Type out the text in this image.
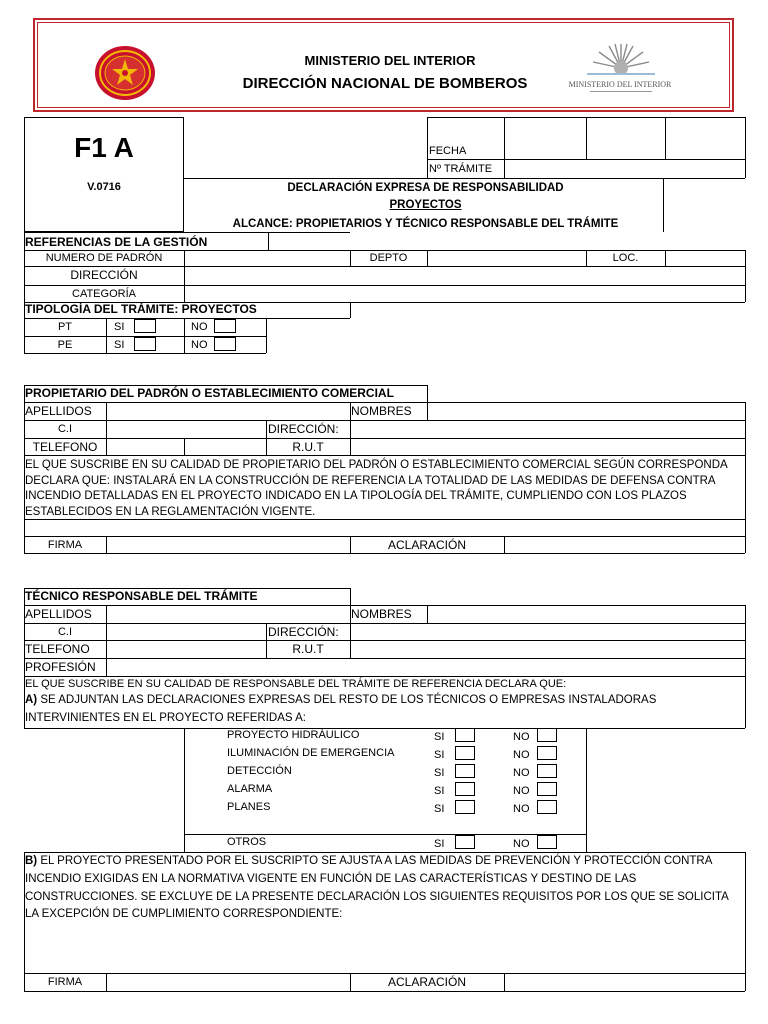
MINISTERIO DEL INTERIOR
DIRECCIÓN NACIONAL DE BOMBEROS	MINISTERIO DEL INTERIOR
F1 A
V.0716
FECHA
Nº TRÁMITE
DECLARACIÓN EXPRESA DE RESPONSABILIDAD
PROYECTOS
ALCANCE: PROPIETARIOS Y TÉCNICO RESPONSABLE DEL TRÁMITE
REFERENCIAS DE LA GESTIÓN
NUMERO DE PADRÓN	DEPTO	LOC.
DIRECCIÓN
CATEGORÍA
TIPOLOGÍA DEL TRÁMITE: PROYECTOS
PT	SI	NO
PE	SI	NO
PROPIETARIO DEL PADRÓN O ESTABLECIMIENTO COMERCIAL
APELLIDOS	NOMBRES
C.I	DIRECCIÓN:
TELEFONO	R.U.T
EL QUE SUSCRIBE EN SU CALIDAD DE PROPIETARIO DEL PADRÓN O ESTABLECIMIENTO COMERCIAL SEGÚN CORRESPONDA
DECLARA QUE: INSTALARÁ EN LA CONSTRUCCIÓN DE REFERENCIA LA TOTALIDAD DE LAS MEDIDAS DE DEFENSA CONTRA
INCENDIO DETALLADAS EN EL PROYECTO INDICADO EN LA TIPOLOGÍA DEL TRÁMITE, CUMPLIENDO CON LOS PLAZOS
ESTABLECIDOS EN LA REGLAMENTACIÓN VIGENTE.
FIRMA	ACLARACIÓN
TÉCNICO RESPONSABLE DEL TRÁMITE
APELLIDOS	NOMBRES
C.I	DIRECCIÓN:
TELEFONO	R.U.T
PROFESIÓN
EL QUE SUSCRIBE EN SU CALIDAD DE RESPONSABLE DEL TRÁMITE DE REFERENCIA DECLARA QUE:
A) SE ADJUNTAN LAS DECLARACIONES EXPRESAS DEL RESTO DE LOS TÉCNICOS O EMPRESAS INSTALADORAS
INTERVINIENTES EN EL PROYECTO REFERIDAS A:
PROYECTO HIDRÁULICO	SI	NO
ILUMINACIÓN DE EMERGENCIA	SI	NO
DETECCIÓN	SI	NO
ALARMA	SI	NO
PLANES	SI	NO
OTROS	SI	NO
B) EL PROYECTO PRESENTADO POR EL SUSCRIPTO SE AJUSTA A LAS MEDIDAS DE PREVENCIÓN Y PROTECCIÓN CONTRA
INCENDIO EXIGIDAS EN LA NORMATIVA VIGENTE EN FUNCIÓN DE LAS CARACTERÍSTICAS Y DESTINO DE LAS
CONSTRUCCIONES. SE EXCLUYE DE LA PRESENTE DECLARACIÓN LOS SIGUIENTES REQUISITOS POR LOS QUE SE SOLICITA
LA EXCEPCIÓN DE CUMPLIMIENTO CORRESPONDIENTE:
FIRMA	ACLARACIÓN
